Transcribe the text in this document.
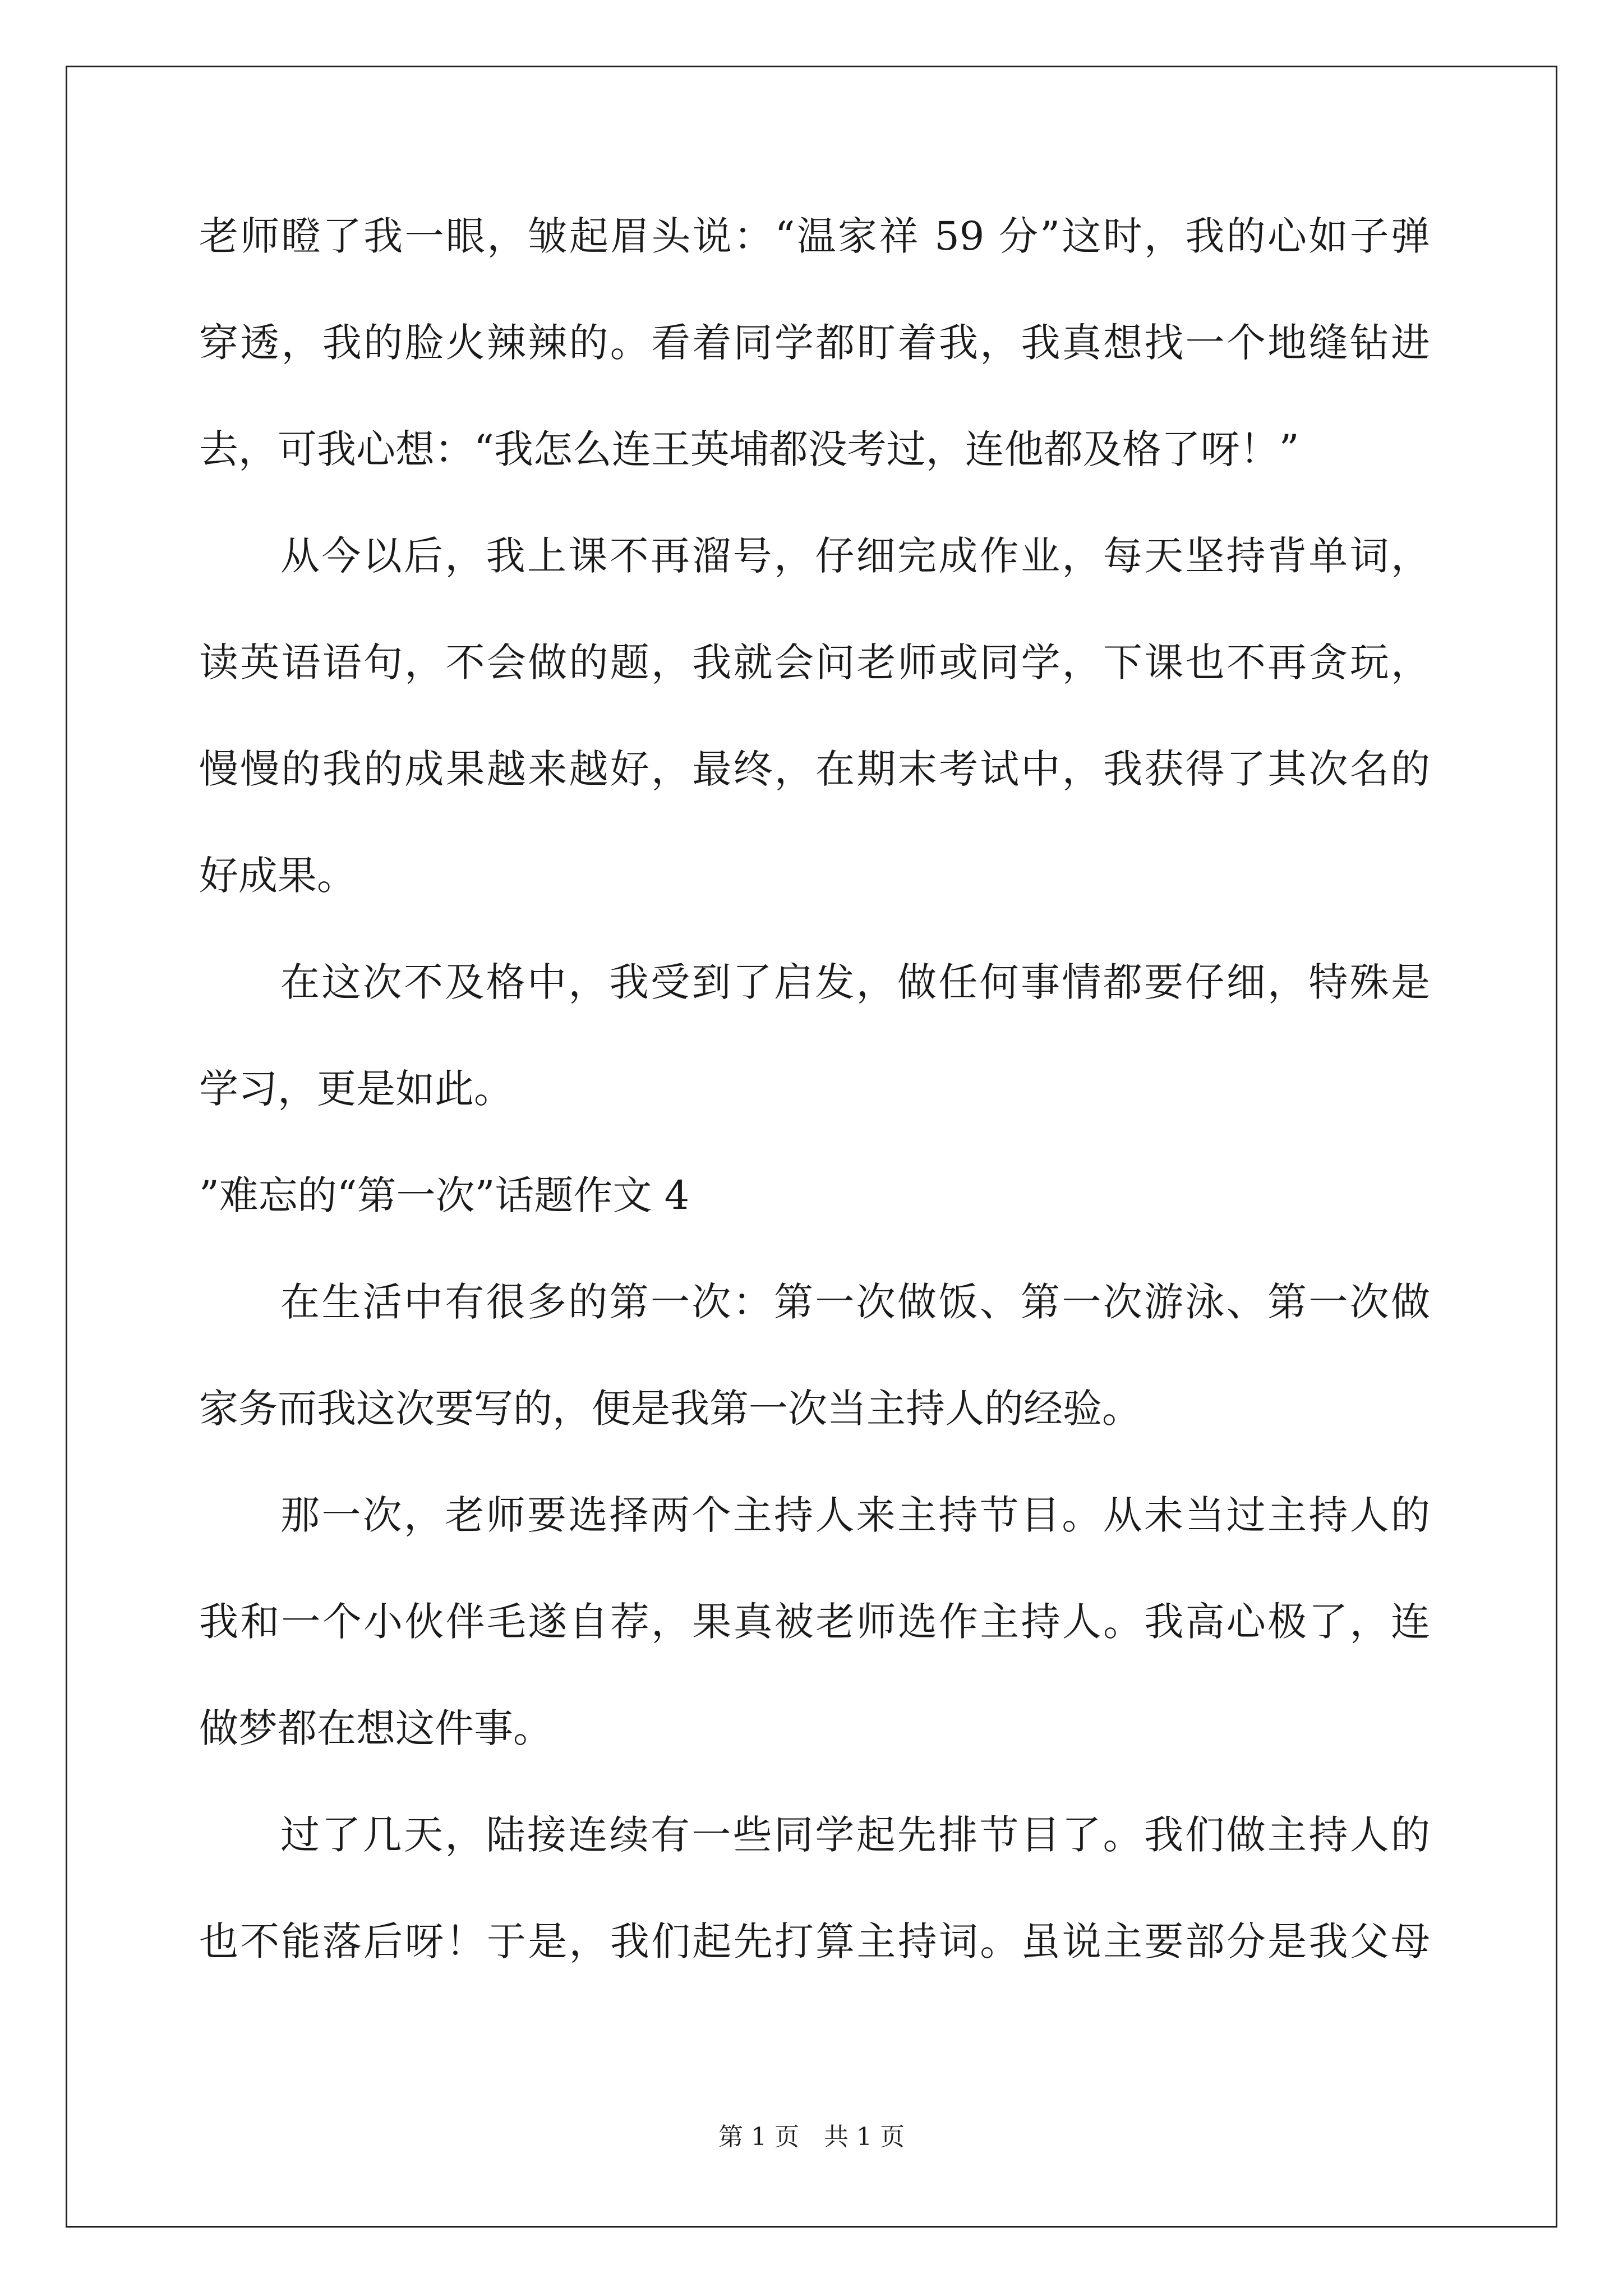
老师瞪了我一眼，皱起眉头说：“温家祥 59 分”这时，我的心如子弹
穿透，我的脸火辣辣的。看着同学都盯着我，我真想找一个地缝钻进
去，可我心想：“我怎么连王英埔都没考过，连他都及格了呀！”
从今以后，我上课不再溜号，仔细完成作业，每天坚持背单词，
读英语语句，不会做的题，我就会问老师或同学，下课也不再贪玩，
慢慢的我的成果越来越好，最终，在期末考试中，我获得了其次名的
好成果。
在这次不及格中，我受到了启发，做任何事情都要仔细，特殊是
学习，更是如此。
”难忘的“第一次”话题作文 4
在生活中有很多的第一次：第一次做饭、第一次游泳、第一次做
家务而我这次要写的，便是我第一次当主持人的经验。
那一次，老师要选择两个主持人来主持节目。从未当过主持人的
我和一个小伙伴毛遂自荐，果真被老师选作主持人。我高心极了，连
做梦都在想这件事。
过了几天，陆接连续有一些同学起先排节目了。我们做主持人的
也不能落后呀！于是，我们起先打算主持词。虽说主要部分是我父母
第 1 页 共 1 页
